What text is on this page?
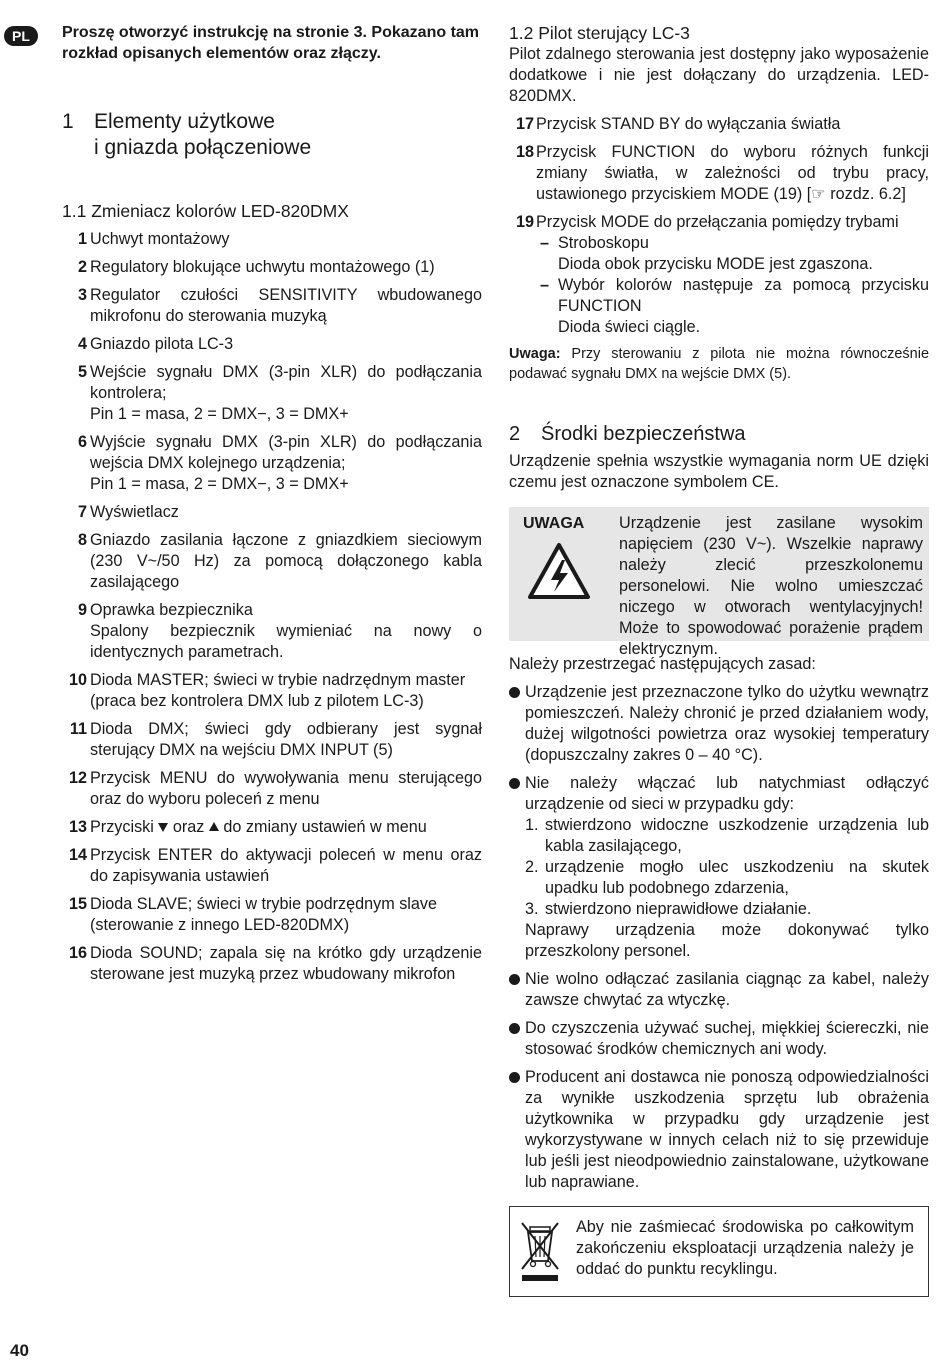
PL
40
Proszę otworzyć instrukcję na stronie 3. Pokazano tam rozkład opisanych elementów oraz złączy.
1 Elementy użytkowe
i gniazda połączeniowe
1.1 Zmieniacz kolorów LED-820DMX
1 Uchwyt montażowy
2 Regulatory blokujące uchwytu montażowego (1)
3 Regulator czułości SENSITIVITY wbudowanego mikrofonu do sterowania muzyką
4 Gniazdo pilota LC-3
5 Wejście sygnału DMX (3-pin XLR) do podłączania kontrolera;
Pin 1 = masa, 2 = DMX−, 3 = DMX+
6 Wyjście sygnału DMX (3-pin XLR) do podłączania wejścia DMX kolejnego urządzenia;
Pin 1 = masa, 2 = DMX−, 3 = DMX+
7 Wyświetlacz
8 Gniazdo zasilania łączone z gniazdkiem sieciowym (230 V~/50 Hz) za pomocą dołączonego kabla zasilającego
9 Oprawka bezpiecznika
Spalony bezpiecznik wymieniać na nowy o identycznych parametrach.
10 Dioda MASTER; świeci w trybie nadrzędnym master
(praca bez kontrolera DMX lub z pilotem LC-3)
11 Dioda DMX; świeci gdy odbierany jest sygnał sterujący DMX na wejściu DMX INPUT (5)
12 Przycisk MENU do wywoływania menu sterującego oraz do wyboru poleceń z menu
13 Przyciski oraz do zmiany ustawień w menu
14 Przycisk ENTER do aktywacji poleceń w menu oraz do zapisywania ustawień
15 Dioda SLAVE; świeci w trybie podrzędnym slave
(sterowanie z innego LED-820DMX)
16 Dioda SOUND; zapala się na krótko gdy urządzenie sterowane jest muzyką przez wbudowany mikrofon
1.2 Pilot sterujący LC-3

Pilot zdalnego sterowania jest dostępny jako wyposażenie dodatkowe i nie jest dołączany do urządzenia. LED-820DMX.

17 Przycisk STAND BY do wyłączania światła
18 Przycisk FUNCTION do wyboru różnych funkcji zmiany światła, w zależności od trybu pracy, ustawionego przyciskiem MODE (19) [☞ rozdz. 6.2]
19 Przycisk MODE do przełączania pomiędzy trybami
– Stroboskopu
Dioda obok przycisku MODE jest zgaszona.
– Wybór kolorów następuje za pomocą przycisku FUNCTION
Dioda świeci ciągle.

Uwaga: Przy sterowaniu z pilota nie można równocześnie podawać sygnału DMX na wejście DMX (5).

2	Środki bezpieczeństwa

Urządzenie spełnia wszystkie wymagania norm UE dzięki czemu jest oznaczone symbolem CE.

UWAGA	Urządzenie jest zasilane wysokim napięciem (230 V~). Wszelkie naprawy należy zlecić przeszkolonemu personelowi. Nie wolno umieszczać niczego w otworach wentylacyjnych! Może to spowodować porażenie prądem elektrycznym.

Należy przestrzegać następujących zasad:

Urządzenie jest przeznaczone tylko do użytku wewnątrz pomieszczeń. Należy chronić je przed działaniem wody, dużej wilgotności powietrza oraz wysokiej temperatury (dopuszczalny zakres 0 – 40 °C).
Nie należy włączać lub natychmiast odłączyć urządzenie od sieci w przypadku gdy:
1. stwierdzono widoczne uszkodzenie urządzenia lub kabla zasilającego,
2. urządzenie mogło ulec uszkodzeniu na skutek upadku lub podobnego zdarzenia,
3. stwierdzono nieprawidłowe działanie.
Naprawy urządzenia może dokonywać tylko przeszkolony personel.
Nie wolno odłączać zasilania ciągnąc za kabel, należy zawsze chwytać za wtyczkę.
Do czyszczenia używać suchej, miękkiej ściereczki, nie stosować środków chemicznych ani wody.
Producent ani dostawca nie ponoszą odpowiedzialności za wynikłe uszkodzenia sprzętu lub obrażenia użytkownika w przypadku gdy urządzenie jest wykorzystywane w innych celach niż to się przewiduje lub jeśli jest nieodpowiednio zainstalowane, użytkowane lub naprawiane.
Aby nie zaśmiecać środowiska po całkowitym zakończeniu eksploatacji urządzenia należy je oddać do punktu recyklingu.
